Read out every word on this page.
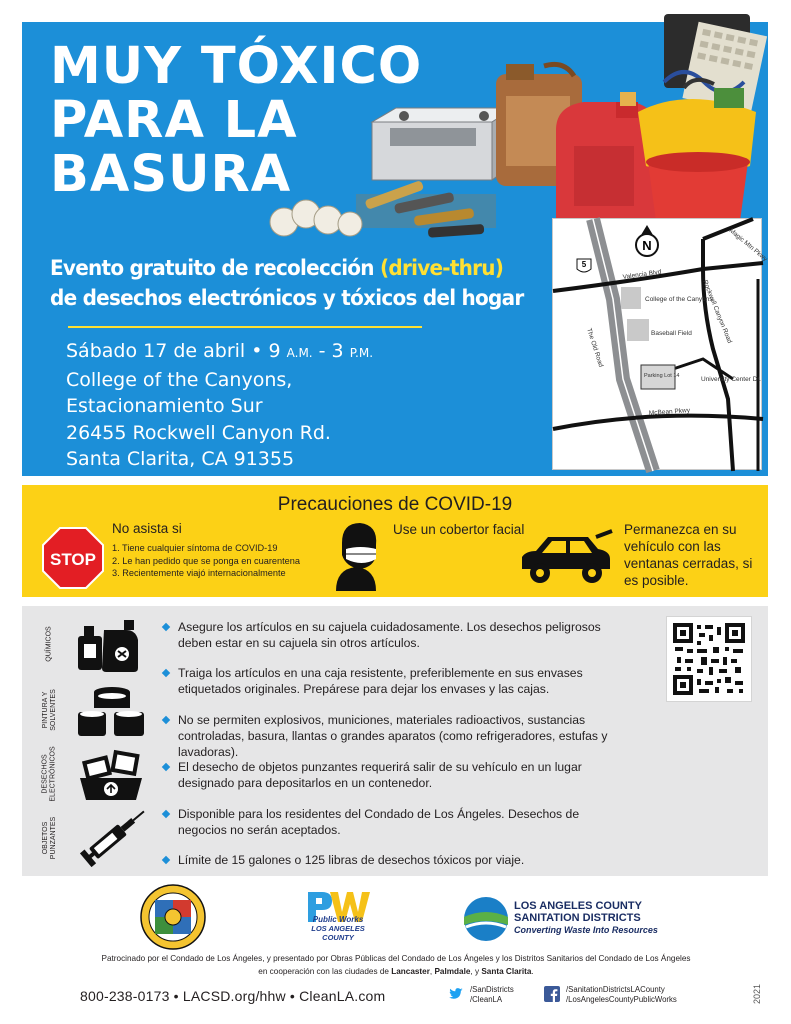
MUY TÓXICO
PARA LA
BASURA
Evento gratuito de recolección (drive-thru)
de desechos electrónicos y tóxicos del hogar
Sábado 17 de abril • 9 A.M. - 3 P.M.
College of the Canyons,
Estacionamiento Sur
26455 Rockwell Canyon Rd.
Santa Clarita, CA 91355
N
5
Valencia Blvd
Magic Mtn Pkwy
Rockwell Canyon Road
College of the Canyons
Baseball Field
The Old Road
Parking Lot 14	University Center Dr.
McBean Pkwy
Precauciones de COVID-19
STOP
No asista si
1. Tiene cualquier síntoma de COVID-19
2. Le han pedido que se ponga en cuarentena
3. Recientemente viajó internacionalmente
Use un cobertor facial	Permanezca en su vehículo con las ventanas cerradas, si es posible.
QUÍMICOS
PINTURA Y
SOLVENTES
DESECHOS
ELECTRÓNICOS
OBJETOS
PUNZANTES
Asegure los artículos en su cajuela cuidadosamente. Los desechos peligrosos deben estar en su cajuela sin otros artículos.
Traiga los artículos en una caja resistente, preferiblemente en sus envases etiquetados originales. Prepárese para dejar los envases y las cajas.
No se permiten explosivos, municiones, materiales radioactivos, sustancias controladas, basura, llantas o grandes aparatos (como refrigeradores, estufas y lavadoras).
El desecho de objetos punzantes requerirá salir de su vehículo en un lugar designado para depositarlos en un contenedor.
Disponible para los residentes del Condado de Los Ángeles. Desechos de negocios no serán aceptados.
Límite de 15 galones o 125 libras de desechos tóxicos por viaje.
Public Works
LOS ANGELES COUNTY
LOS ANGELES COUNTY
SANITATION DISTRICTS
Converting Waste Into Resources
Patrocinado por el Condado de Los Ángeles, y presentado por Obras Públicas del Condado de Los Ángeles y los Distritos Sanitarios del Condado de Los Ángeles
en cooperación con las ciudades de Lancaster, Palmdale, y Santa Clarita.
800-238-0173 • LACSD.org/hhw • CleanLA.com	/SanDistricts
/CleanLA
/SanitationDistrictsLACounty
/LosAngelesCountyPublicWorks	2021
